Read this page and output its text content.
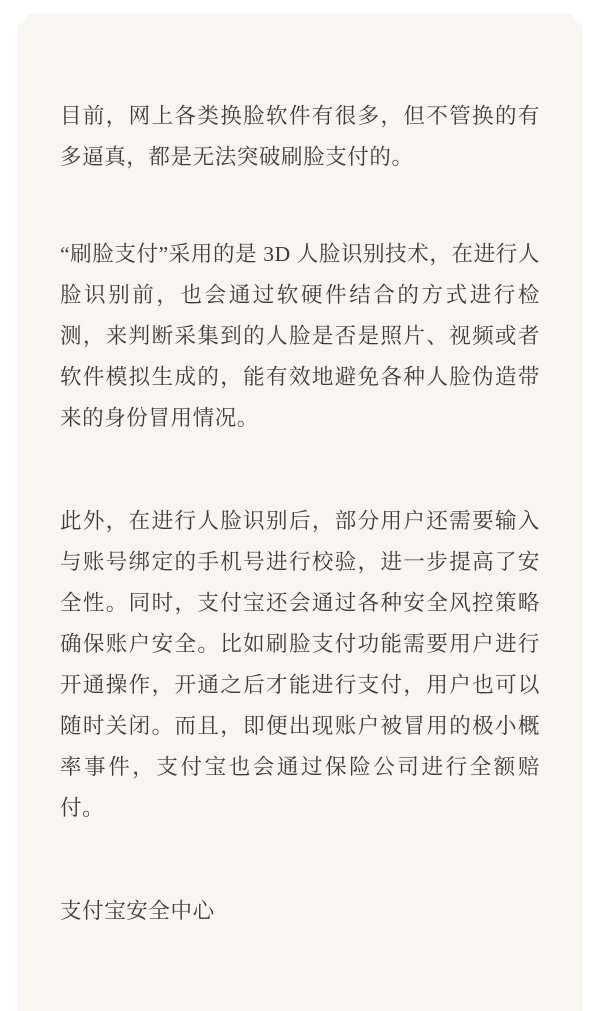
目前，网上各类换脸软件有很多，但不管换的有多逼真，都是无法突破刷脸支付的。

“刷脸支付”采用的是 3D 人脸识别技术，在进行人脸识别前，也会通过软硬件结合的方式进行检测，来判断采集到的人脸是否是照片、视频或者软件模拟生成的，能有效地避免各种人脸伪造带来的身份冒用情况。

此外，在进行人脸识别后，部分用户还需要输入与账号绑定的手机号进行校验，进一步提高了安全性。同时，支付宝还会通过各种安全风控策略确保账户安全。比如刷脸支付功能需要用户进行开通操作，开通之后才能进行支付，用户也可以随时关闭。而且，即便出现账户被冒用的极小概率事件，支付宝也会通过保险公司进行全额赔付。

支付宝安全中心
